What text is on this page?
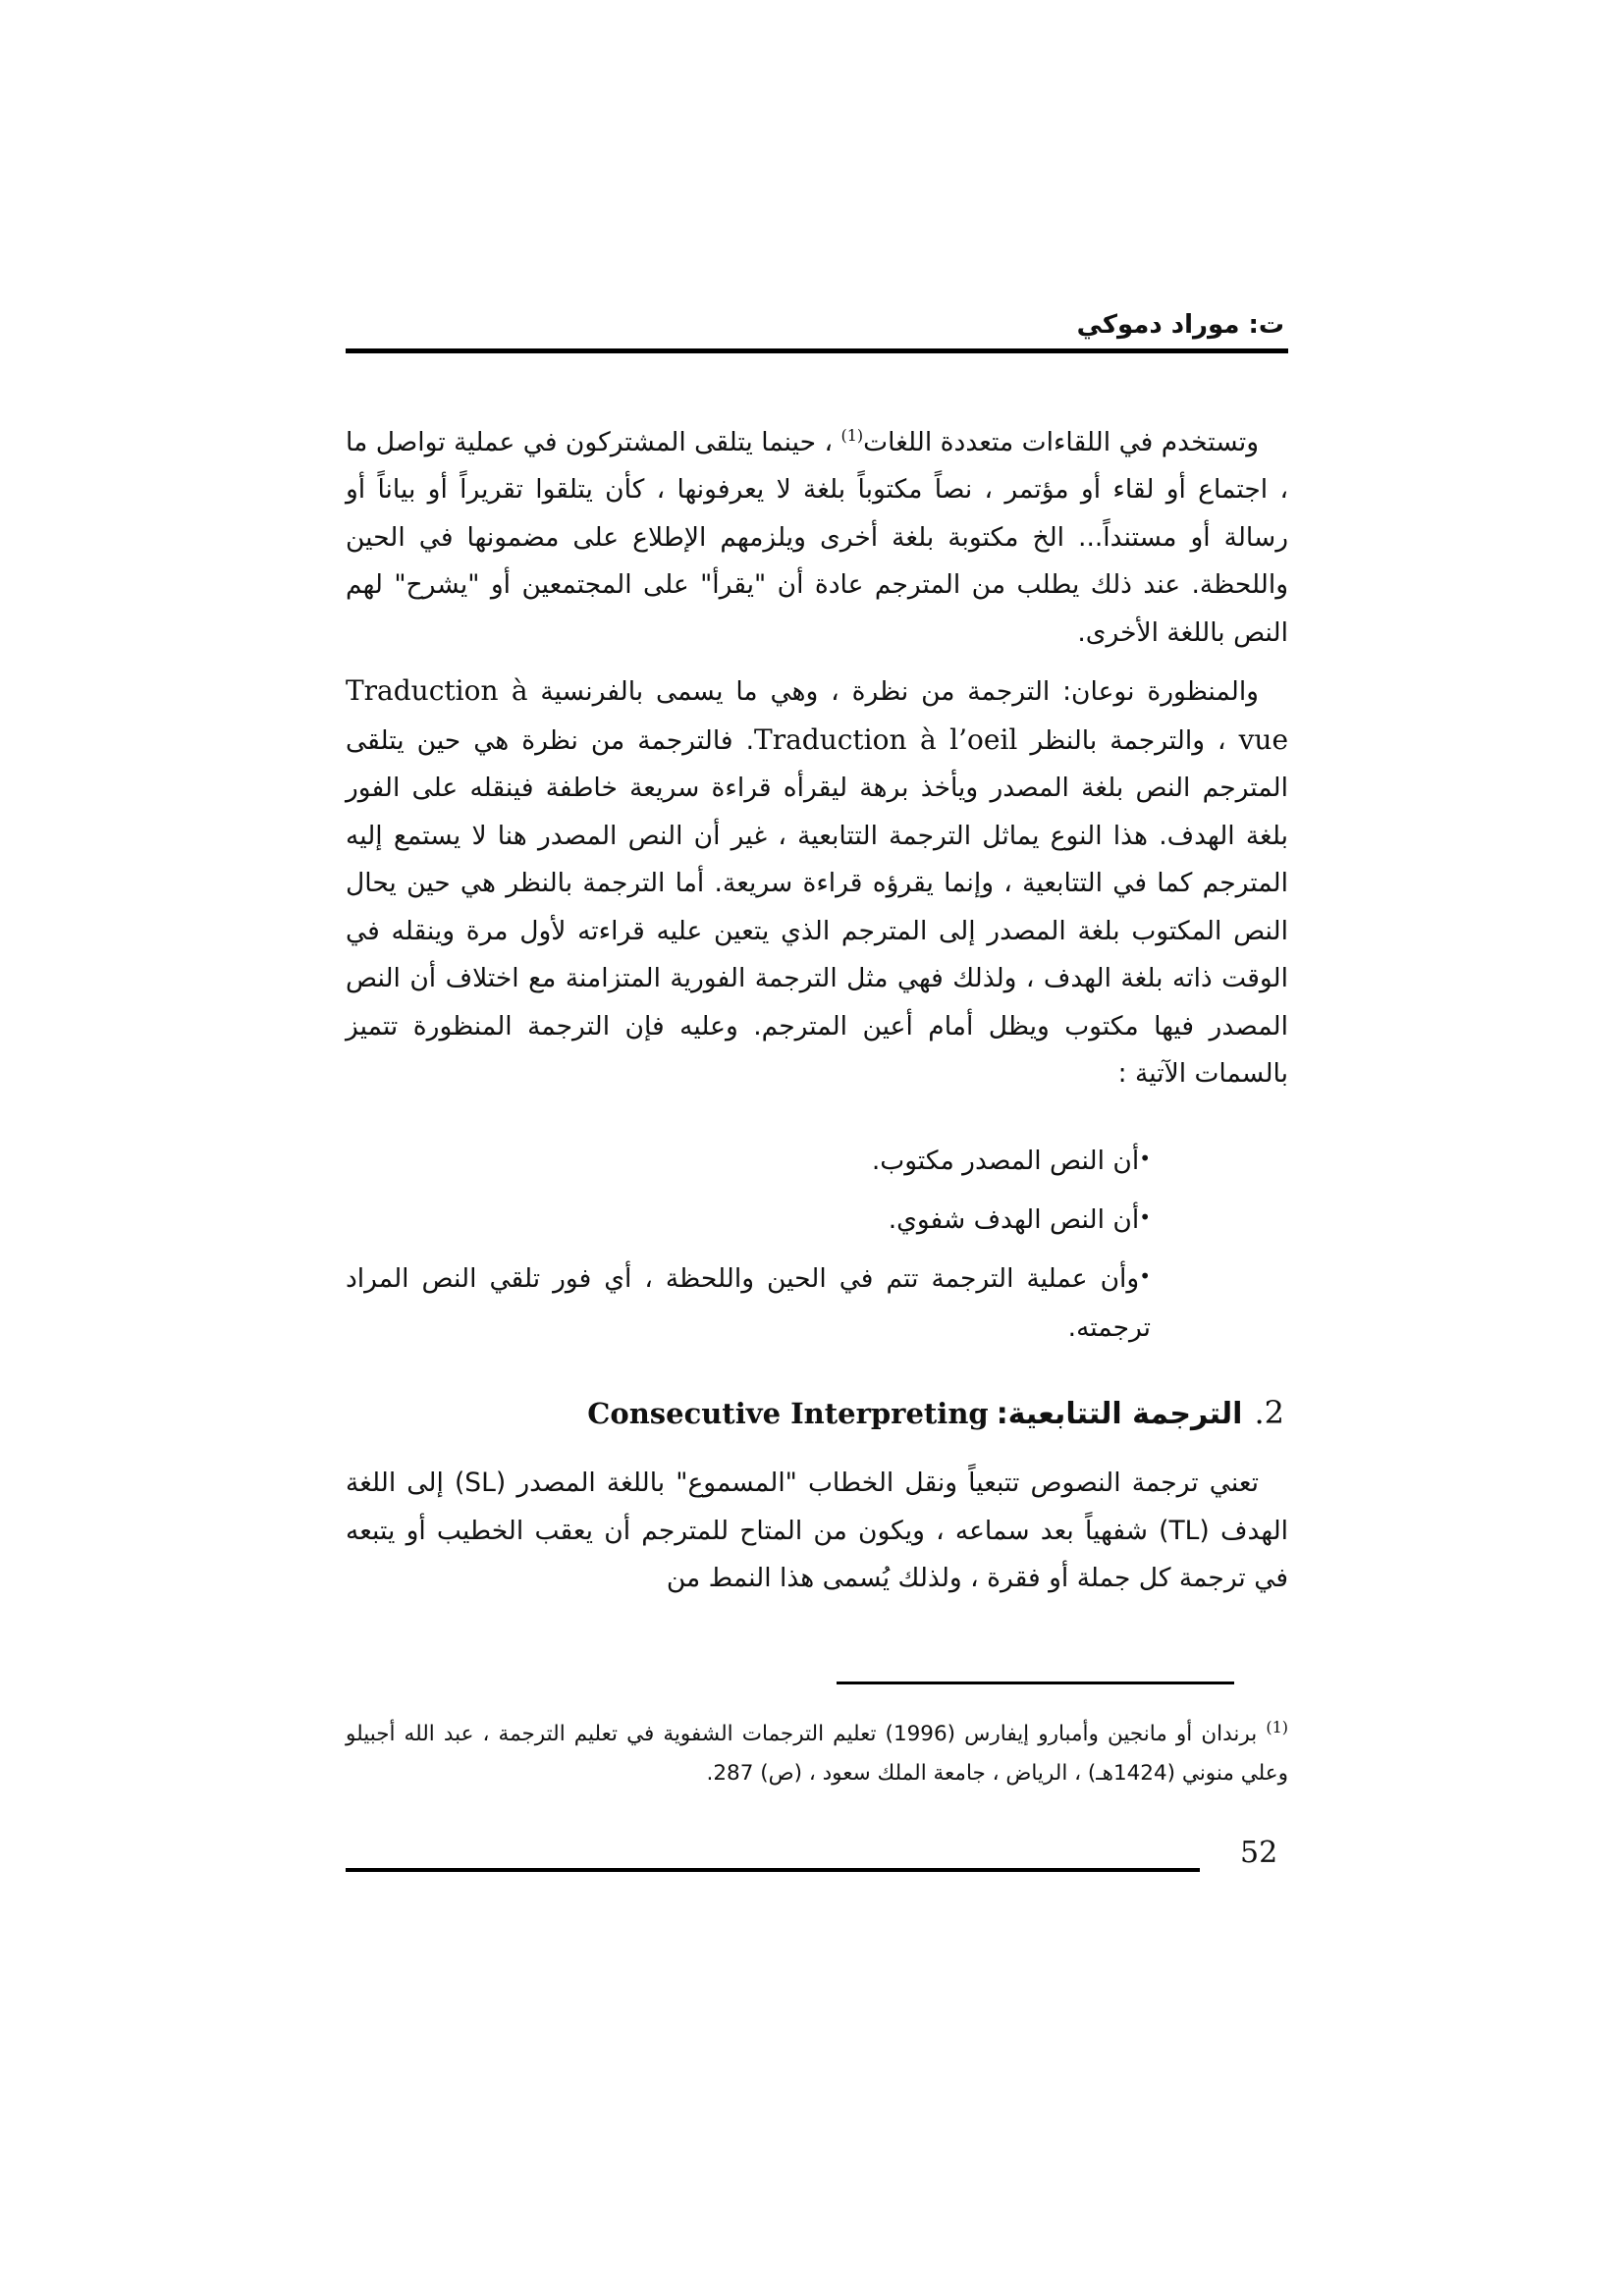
ت: موراد دموكي

وتستخدم في اللقاءات متعددة اللغات$^{(1)}$ ، حينما يتلقى المشتركون في عملية تواصل ما ، اجتماع أو لقاء أو مؤتمر ، نصاً مكتوباً بلغة لا يعرفونها ، كأن يتلقوا تقريراً أو بياناً أو رسالة أو مستنداً... الخ مكتوبة بلغة أخرى ويلزمهم الإطلاع على مضمونها في الحين واللحظة. عند ذلك يطلب من المترجم عادة أن "يقرأ" على المجتمعين أو "يشرح" لهم النص باللغة الأخرى.

والمنظورة نوعان: الترجمة من نظرة ، وهي ما يسمى بالفرنسية Traduction à vue ، والترجمة بالنظر Traduction à l’oeil. فالترجمة من نظرة هي حين يتلقى المترجم النص بلغة المصدر ويأخذ برهة ليقرأه قراءة سريعة خاطفة فينقله على الفور بلغة الهدف. هذا النوع يماثل الترجمة التتابعية ، غير أن النص المصدر هنا لا يستمع إليه المترجم كما في التتابعية ، وإنما يقرؤه قراءة سريعة. أما الترجمة بالنظر هي حين يحال النص المكتوب بلغة المصدر إلى المترجم الذي يتعين عليه قراءته لأول مرة وينقله في الوقت ذاته بلغة الهدف ، ولذلك فهي مثل الترجمة الفورية المتزامنة مع اختلاف أن النص المصدر فيها مكتوب ويظل أمام أعين المترجم. وعليه فإن الترجمة المنظورة تتميز بالسمات الآتية :

•أن النص المصدر مكتوب.
•أن النص الهدف شفوي.
•وأن عملية الترجمة تتم في الحين واللحظة ، أي فور تلقي النص المراد ترجمته.
2.الترجمة التتابعية:Consecutive Interpreting

تعني ترجمة النصوص تتبعياً ونقل الخطاب "المسموع" باللغة المصدر (SL) إلى اللغة الهدف (TL) شفهياً بعد سماعه ، ويكون من المتاح للمترجم أن يعقب الخطيب أو يتبعه في ترجمة كل جملة أو فقرة ، ولذلك يُسمى هذا النمط من

$^{(1)}$ برندان أو مانجين وأمبارو إيفارس (1996) تعليم الترجمات الشفوية في تعليم الترجمة ، عبد الله أجبيلو وعلي منوني (1424هـ) ، الرياض ، جامعة الملك سعود ، (ص) 287.
52
